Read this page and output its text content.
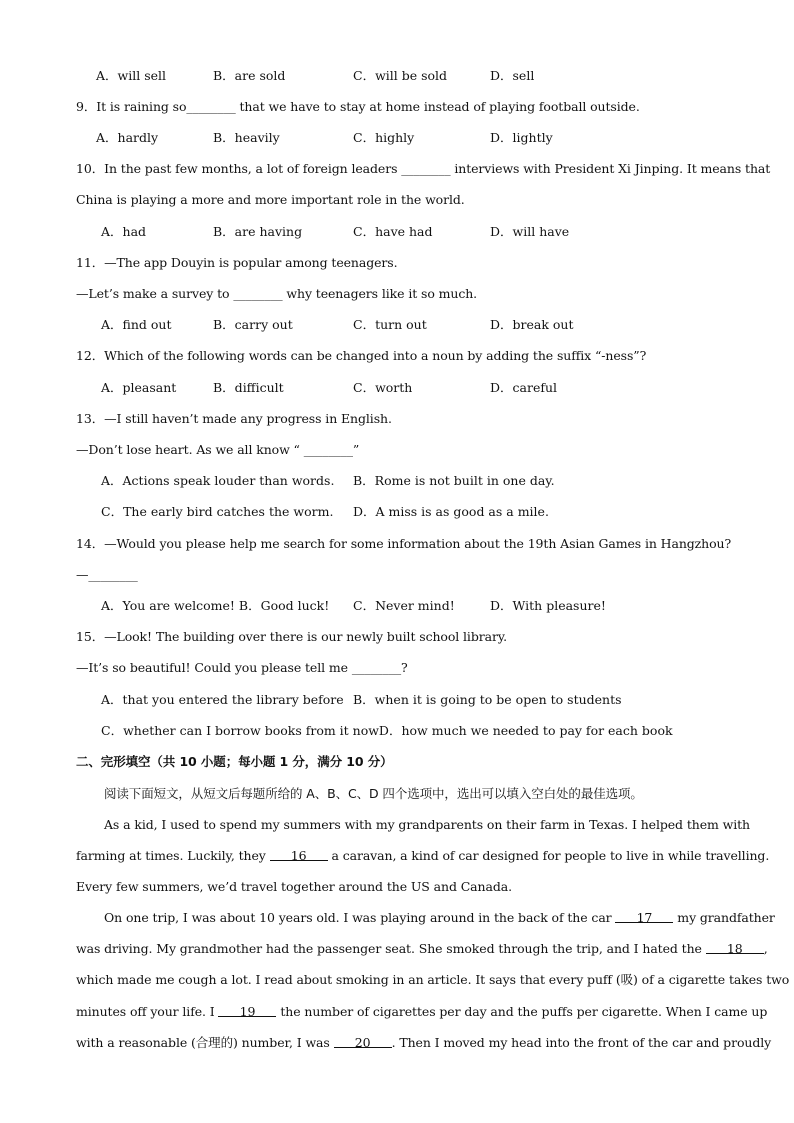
A．will sell	B．are sold	C．will be sold	D．sell
9．It is raining so________ that we have to stay at home instead of playing football outside.
A．hardly	B．heavily	C．highly	D．lightly
10．In the past few months, a lot of foreign leaders ________ interviews with President Xi Jinping. It means that
China is playing a more and more important role in the world.
A．had	B．are having	C．have had	D．will have
11．—The app Douyin is popular among teenagers.
—Let’s make a survey to ________ why teenagers like it so much.
A．find out	B．carry out	C．turn out	D．break out
12．Which of the following words can be changed into a noun by adding the suffix “-ness”?
A．pleasant	B．difficult	C．worth	D．careful
13．—I still haven’t made any progress in English.
—Don’t lose heart. As we all know “ ________”
A．Actions speak louder than words. B．Rome is not built in one day.
C．The early bird catches the worm. D．A miss is as good as a mile.
14．—Would you please help me search for some information about the 19th Asian Games in Hangzhou?
—________
A．You are welcome! B．Good luck! C．Never mind!	D．With pleasure!
15．—Look! The building over there is our newly built school library.
—It’s so beautiful! Could you please tell me ________?
A．that you entered the library before B．when it is going to be open to students
C．whether can I borrow books from it nowD．how much we needed to pay for each book
二、完形填空（共 10 小题；每小题 1 分，满分 10 分）
阅读下面短文，从短文后每题所给的 A、B、C、D 四个选项中，选出可以填入空白处的最佳选项。
As a kid, I used to spend my summers with my grandparents on their farm in Texas. I helped them with
farming at times. Luckily, they 16 a caravan, a kind of car designed for people to live in while travelling.
Every few summers, we’d travel together around the US and Canada.
On one trip, I was about 10 years old. I was playing around in the back of the car 17 my grandfather
was driving. My grandmother had the passenger seat. She smoked through the trip, and I hated the 18 ,
which made me cough a lot. I read about smoking in an article. It says that every puff (吸) of a cigarette takes two
minutes off your life. I 19 the number of cigarettes per day and the puffs per cigarette. When I came up
with a reasonable (合理的) number, I was 20 . Then I moved my head into the front of the car and proudly
